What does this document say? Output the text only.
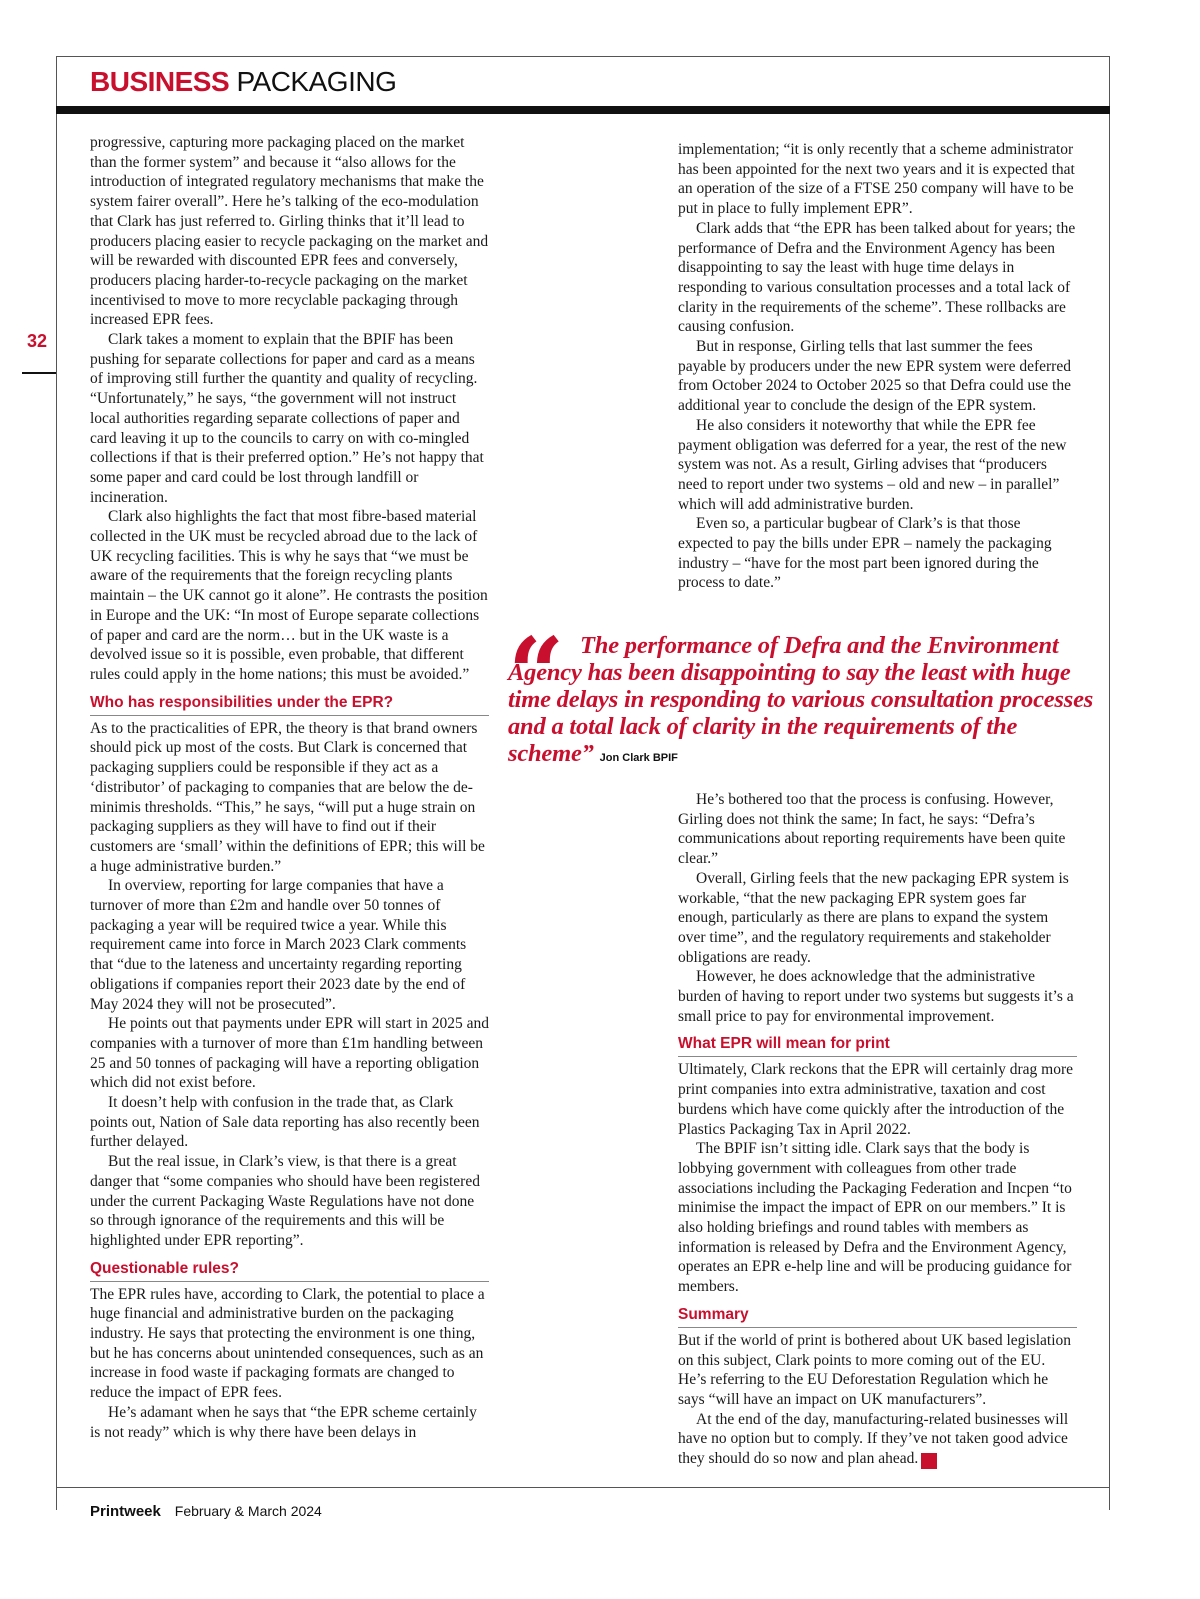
BUSINESS PACKAGING
32

progressive, capturing more packaging placed on the market than the former system” and because it “also allows for the introduction of integrated regulatory mechanisms that make the system fairer overall”. Here he’s talking of the eco-modulation that Clark has just referred to. Girling thinks that it’ll lead to producers placing easier to recycle packaging on the market and will be rewarded with discounted EPR fees and conversely, producers placing harder-to-recycle packaging on the market incentivised to move to more recyclable packaging through increased EPR fees.

Clark takes a moment to explain that the BPIF has been pushing for separate collections for paper and card as a means of improving still further the quantity and quality of recycling. “Unfortunately,” he says, “the government will not instruct local authorities regarding separate collections of paper and card leaving it up to the councils to carry on with co-mingled collections if that is their preferred option.” He’s not happy that some paper and card could be lost through landfill or incineration.

Clark also highlights the fact that most fibre-based material collected in the UK must be recycled abroad due to the lack of UK recycling facilities. This is why he says that “we must be aware of the requirements that the foreign recycling plants maintain – the UK cannot go it alone”. He contrasts the position in Europe and the UK: “In most of Europe separate collections of paper and card are the norm… but in the UK waste is a devolved issue so it is possible, even probable, that different rules could apply in the home nations; this must be avoided.”

Who has responsibilities under the EPR?

As to the practicalities of EPR, the theory is that brand owners should pick up most of the costs. But Clark is concerned that packaging suppliers could be responsible if they act as a ‘distributor’ of packaging to companies that are below the de-minimis thresholds. “This,” he says, “will put a huge strain on packaging suppliers as they will have to find out if their customers are ‘small’ within the definitions of EPR; this will be a huge administrative burden.”

In overview, reporting for large companies that have a turnover of more than £2m and handle over 50 tonnes of packaging a year will be required twice a year. While this requirement came into force in March 2023 Clark comments that “due to the lateness and uncertainty regarding reporting obligations if companies report their 2023 date by the end of May 2024 they will not be prosecuted”.

He points out that payments under EPR will start in 2025 and companies with a turnover of more than £1m handling between 25 and 50 tonnes of packaging will have a reporting obligation which did not exist before.

It doesn’t help with confusion in the trade that, as Clark points out, Nation of Sale data reporting has also recently been further delayed.

But the real issue, in Clark’s view, is that there is a great danger that “some companies who should have been registered under the current Packaging Waste Regulations have not done so through ignorance of the requirements and this will be highlighted under EPR reporting”.

Questionable rules?

The EPR rules have, according to Clark, the potential to place a huge financial and administrative burden on the packaging industry. He says that protecting the environment is one thing, but he has concerns about unintended consequences, such as an increase in food waste if packaging formats are changed to reduce the impact of EPR fees.

He’s adamant when he says that “the EPR scheme certainly is not ready” which is why there have been delays in

implementation; “it is only recently that a scheme administrator has been appointed for the next two years and it is expected that an operation of the size of a FTSE 250 company will have to be put in place to fully implement EPR”.

Clark adds that “the EPR has been talked about for years; the performance of Defra and the Environment Agency has been disappointing to say the least with huge time delays in responding to various consultation processes and a total lack of clarity in the requirements of the scheme”. These rollbacks are causing confusion.

But in response, Girling tells that last summer the fees payable by producers under the new EPR system were deferred from October 2024 to October 2025 so that Defra could use the additional year to conclude the design of the EPR system.

He also considers it noteworthy that while the EPR fee payment obligation was deferred for a year, the rest of the new system was not. As a result, Girling advises that “producers need to report under two systems – old and new – in parallel” which will add administrative burden.

Even so, a particular bugbear of Clark’s is that those expected to pay the bills under EPR – namely the packaging industry – “have for the most part been ignored during the process to date.”

“ The performance of Defra and the Environment Agency has been disappointing to say the least with huge time delays in responding to various consultation processes and a total lack of clarity in the requirements of the scheme” Jon Clark BPIF

He’s bothered too that the process is confusing. However, Girling does not think the same; In fact, he says: “Defra’s communications about reporting requirements have been quite clear.”

Overall, Girling feels that the new packaging EPR system is workable, “that the new packaging EPR system goes far enough, particularly as there are plans to expand the system over time”, and the regulatory requirements and stakeholder obligations are ready.

However, he does acknowledge that the administrative burden of having to report under two systems but suggests it’s a small price to pay for environmental improvement.

What EPR will mean for print

Ultimately, Clark reckons that the EPR will certainly drag more print companies into extra administrative, taxation and cost burdens which have come quickly after the introduction of the Plastics Packaging Tax in April 2022.

The BPIF isn’t sitting idle. Clark says that the body is lobbying government with colleagues from other trade associations including the Packaging Federation and Incpen “to minimise the impact the impact of EPR on our members.” It is also holding briefings and round tables with members as information is released by Defra and the Environment Agency, operates an EPR e-help line and will be producing guidance for members.

Summary

But if the world of print is bothered about UK based legislation on this subject, Clark points to more coming out of the EU. He’s referring to the EU Deforestation Regulation which he says “will have an impact on UK manufacturers”.

At the end of the day, manufacturing-related businesses will have no option but to comply. If they’ve not taken good advice they should do so now and plan ahead. P

Printweek February & March 2024
